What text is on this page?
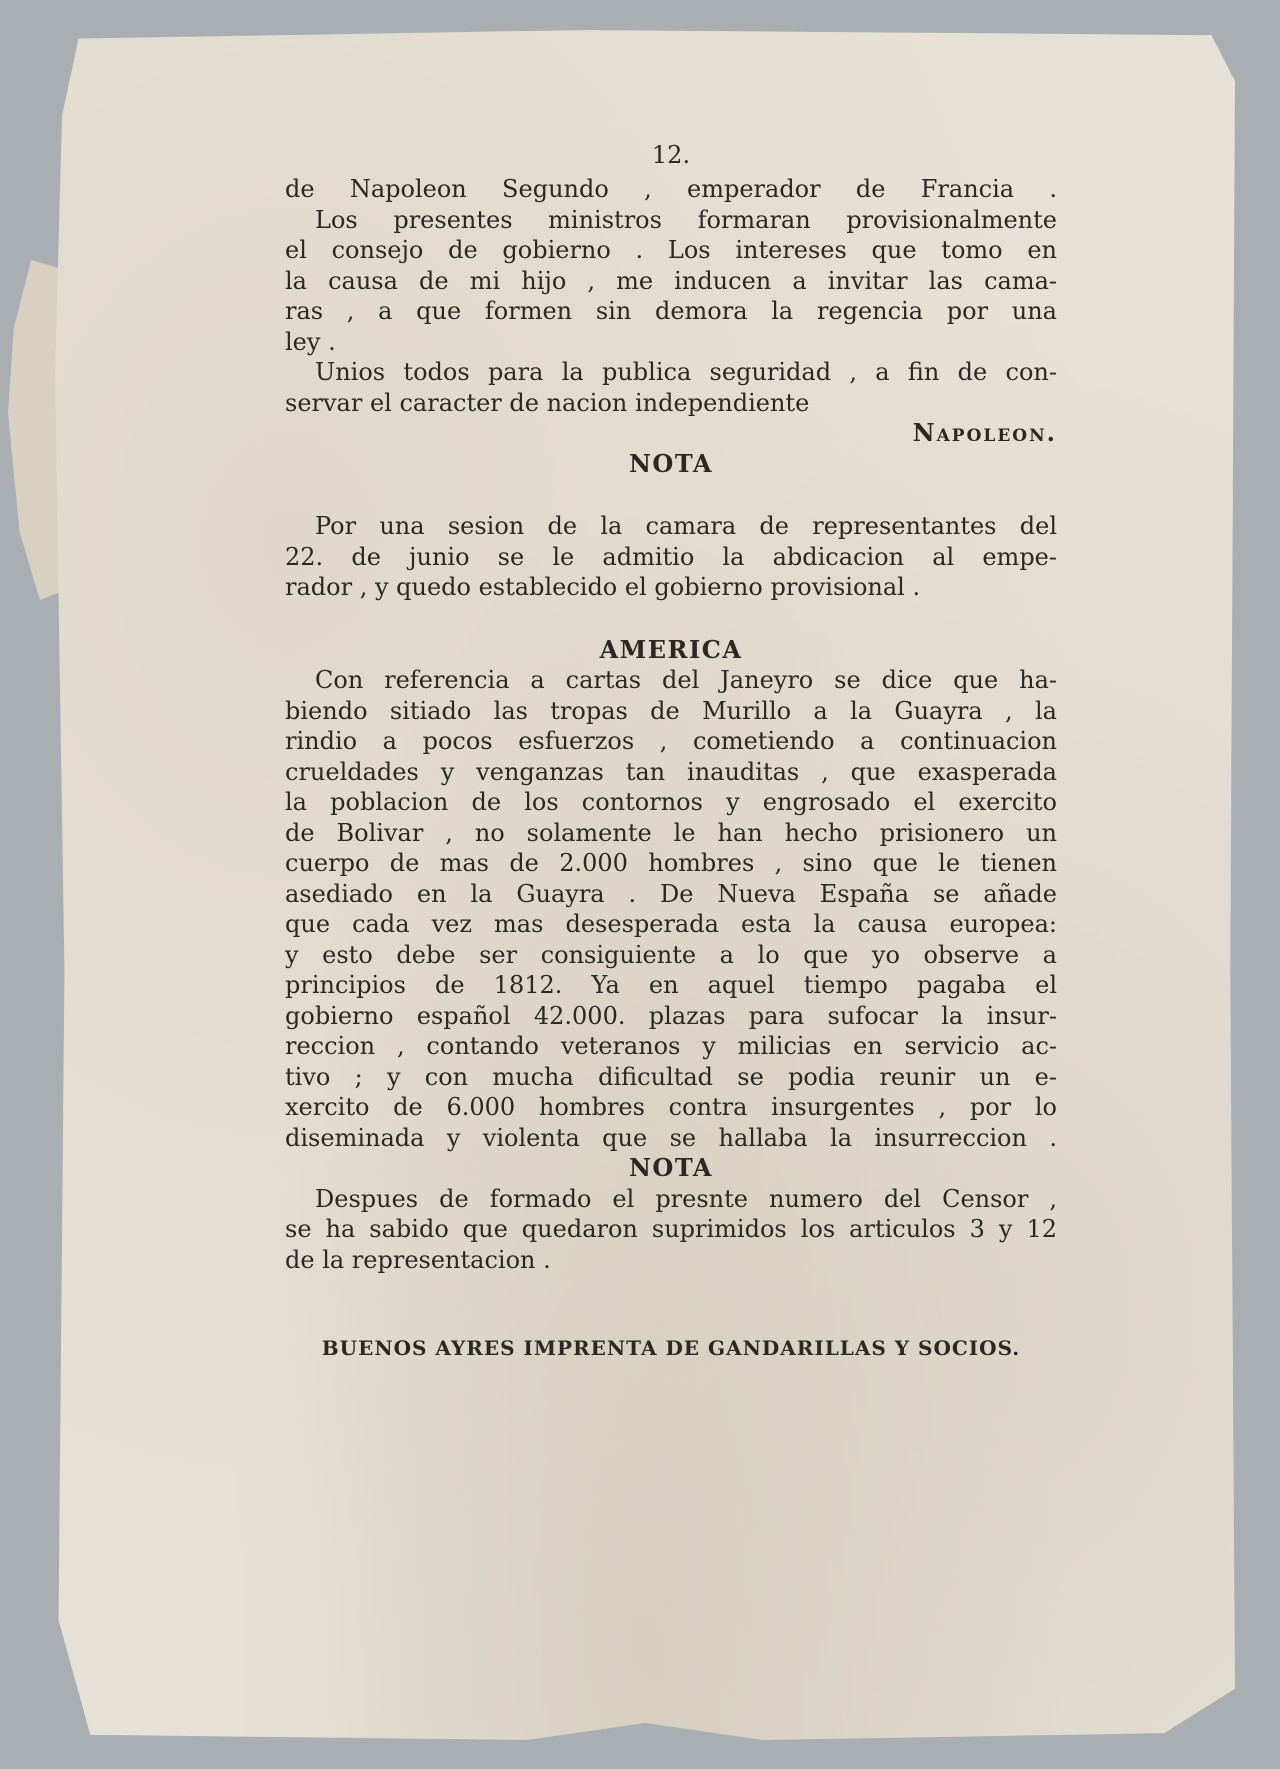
12.
de Napoleon Segundo , emperador de Francia .
Los presentes ministros formaran provisionalmente
el consejo de gobierno . Los intereses que tomo en
la causa de mi hijo , me inducen a invitar las cama-
ras , a que formen sin demora la regencia por una
ley .
Unios todos para la publica seguridad , a fin de con-
servar el caracter de nacion independiente
Napoleon.
NOTA
Por una sesion de la camara de representantes del
22. de junio se le admitio la abdicacion al empe-
rador , y quedo establecido el gobierno provisional .
AMERICA
Con referencia a cartas del Janeyro se dice que ha-
biendo sitiado las tropas de Murillo a la Guayra , la
rindio a pocos esfuerzos , cometiendo a continuacion
crueldades y venganzas tan inauditas , que exasperada
la poblacion de los contornos y engrosado el exercito
de Bolivar , no solamente le han hecho prisionero un
cuerpo de mas de 2.000 hombres , sino que le tienen
asediado en la Guayra . De Nueva España se añade
que cada vez mas desesperada esta la causa europea:
y esto debe ser consiguiente a lo que yo observe a
principios de 1812. Ya en aquel tiempo pagaba el
gobierno español 42.000. plazas para sufocar la insur-
reccion , contando veteranos y milicias en servicio ac-
tivo ; y con mucha dificultad se podia reunir un e-
xercito de 6.000 hombres contra insurgentes , por lo
diseminada y violenta que se hallaba la insurreccion .
NOTA
Despues de formado el presnte numero del Censor ,
se ha sabido que quedaron suprimidos los articulos 3 y 12
de la representacion .
BUENOS AYRES IMPRENTA DE GANDARILLAS Y SOCIOS.
